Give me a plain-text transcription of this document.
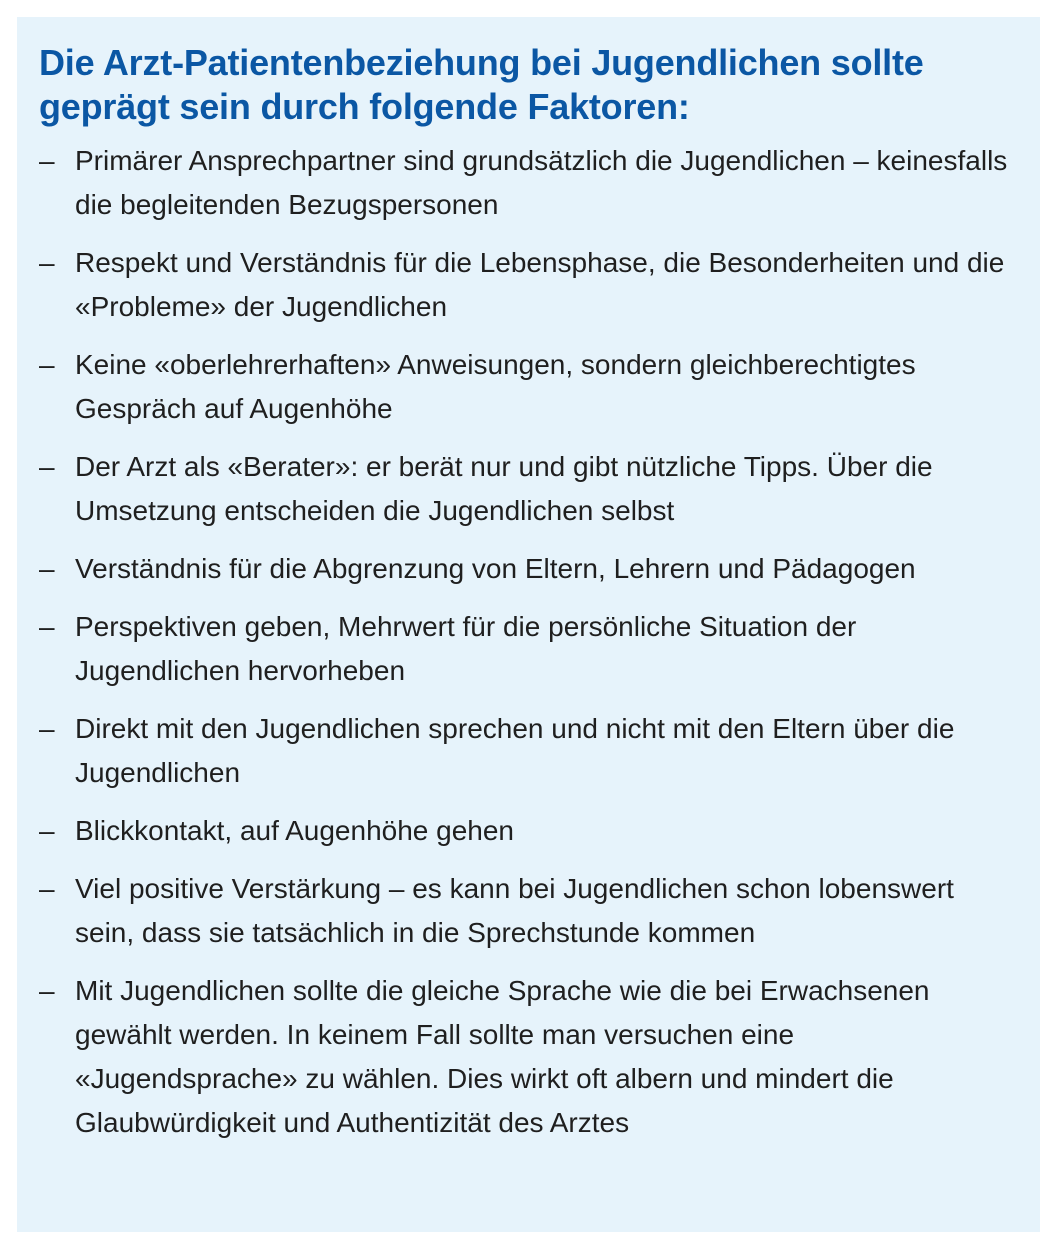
Die Arzt-Patientenbeziehung bei Jugendlichen sollte geprägt sein durch folgende Faktoren:
– Primärer Ansprechpartner sind grundsätzlich die Jugendlichen – keinesfalls die begleitenden Bezugspersonen
– Respekt und Verständnis für die Lebensphase, die Besonderheiten und die «Probleme» der Jugendlichen
– Keine «oberlehrerhaften» Anweisungen, sondern gleichberechtigtes Gespräch auf Augenhöhe
– Der Arzt als «Berater»: er berät nur und gibt nützliche Tipps. Über die Umsetzung entscheiden die Jugendlichen selbst
– Verständnis für die Abgrenzung von Eltern, Lehrern und Pädagogen
– Perspektiven geben, Mehrwert für die persönliche Situation der Jugendlichen hervorheben
– Direkt mit den Jugendlichen sprechen und nicht mit den Eltern über die Jugendlichen
– Blickkontakt, auf Augenhöhe gehen
– Viel positive Verstärkung – es kann bei Jugendlichen schon lobenswert sein, dass sie tatsächlich in die Sprechstunde kommen
– Mit Jugendlichen sollte die gleiche Sprache wie die bei Erwachsenen gewählt werden. In keinem Fall sollte man versuchen eine «Jugendsprache» zu wählen. Dies wirkt oft albern und mindert die Glaubwürdigkeit und Authentizität des Arztes
